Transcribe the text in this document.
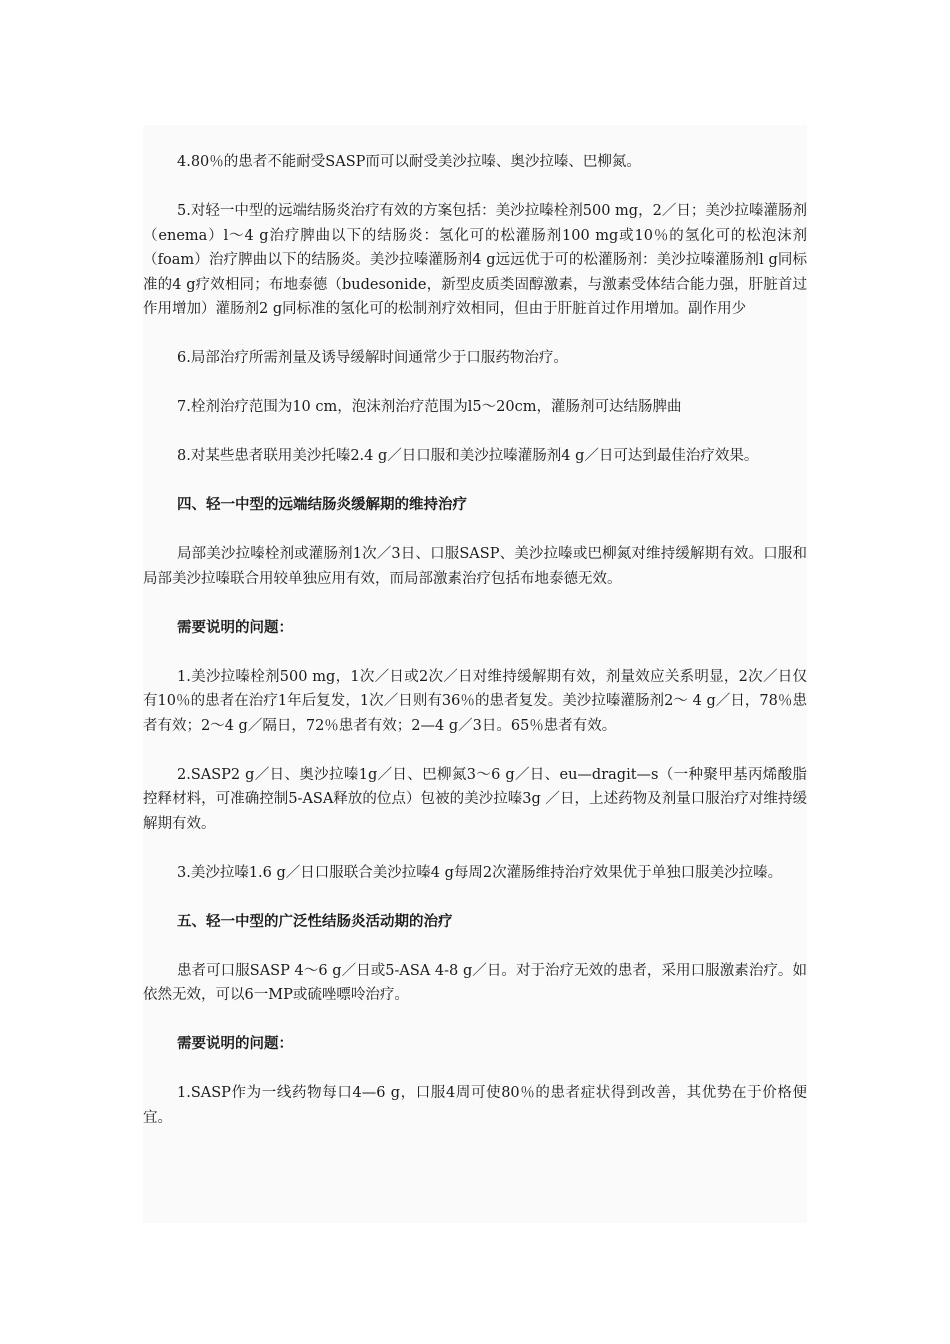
4.80％的患者不能耐受SASP而可以耐受美沙拉嗪、奥沙拉嗪、巴柳氮。

5.对轻一中型的远端结肠炎治疗有效的方案包括：美沙拉嗪栓剂500 mg，2／日；美沙拉嗪灌肠剂（enema）l～4 g治疗脾曲以下的结肠炎：氢化可的松灌肠剂100 mg或10％的氢化可的松泡沫剂（foam）治疗脾曲以下的结肠炎。美沙拉嗪灌肠剂4 g远远优于可的松灌肠剂：美沙拉嗪灌肠剂l g同标准的4 g疗效相同；布地泰德（budesonide，新型皮质类固醇激素，与激素受体结合能力强，肝脏首过作用增加）灌肠剂2 g同标准的氢化可的松制剂疗效相同，但由于肝脏首过作用增加。副作用少

6.局部治疗所需剂量及诱导缓解时间通常少于口服药物治疗。

7.栓剂治疗范围为10 cm，泡沫剂治疗范围为l5～20cm，灌肠剂可达结肠脾曲

8.对某些患者联用美沙托嗪2.4 g／日口服和美沙拉嗪灌肠剂4 g／日可达到最佳治疗效果。

四、轻一中型的远端结肠炎缓解期的维持治疗

局部美沙拉嗪栓剂或灌肠剂1次／3日、口服SASP、美沙拉嗪或巴柳氮对维持缓解期有效。口服和局部美沙拉嗪联合用较单独应用有效，而局部激素治疗包括布地泰德无效。

需要说明的问题：

1.美沙拉嗪栓剂500 mg，1次／日或2次／日对维持缓解期有效，剂量效应关系明显，2次／日仅有10％的患者在治疗1年后复发，1次／日则有36％的患者复发。美沙拉嗪灌肠剂2～ 4 g／日，78％患者有效；2～4 g／隔日，72％患者有效；2—4 g／3日。65％患者有效。

2.SASP2 g／日、奥沙拉嗪1g／日、巴柳氮3～6 g／日、eu—dragit—s（一种聚甲基丙烯酸脂控释材料，可准确控制5-ASA释放的位点）包被的美沙拉嗪3g ／日，上述药物及剂量口服治疗对维持缓解期有效。

3.美沙拉嗪1.6 g／日口服联合美沙拉嗪4 g每周2次灌肠维持治疗效果优于单独口服美沙拉嗪。

五、轻一中型的广泛性结肠炎活动期的治疗

患者可口服SASP 4～6 g／日或5-ASA 4-8 g／日。对于治疗无效的患者，采用口服激素治疗。如依然无效，可以6一MP或硫唑嘌呤治疗。

需要说明的问题：

1.SASP作为一线药物每口4—6 g，口服4周可使80％的患者症状得到改善，其优势在于价格便宜。
